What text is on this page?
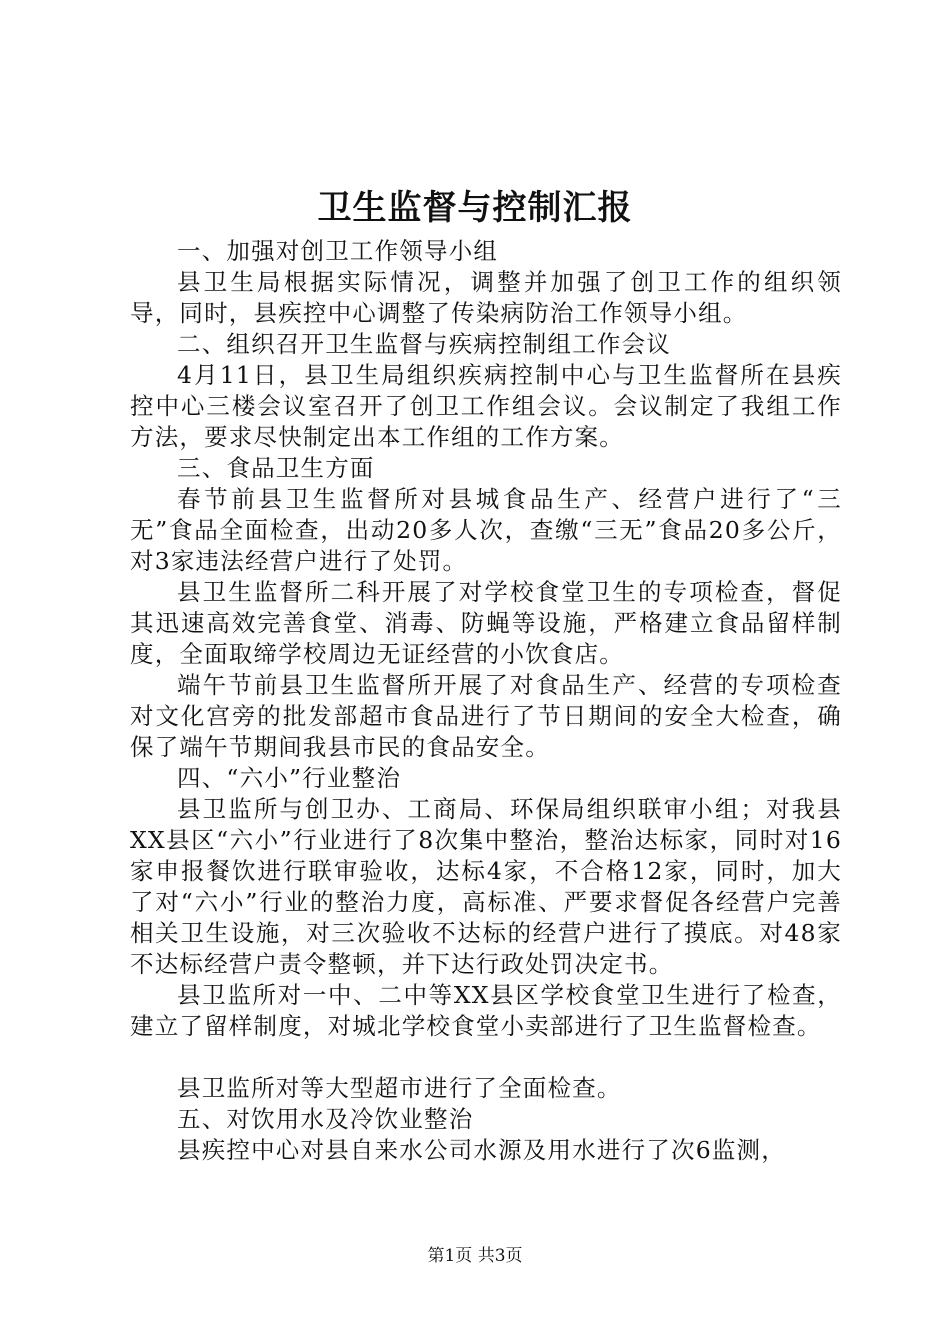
卫生监督与控制汇报

一、加强对创卫工作领导小组

县卫生局根据实际情况，调整并加强了创卫工作的组织领导，同时，县疾控中心调整了传染病防治工作领导小组。

二、组织召开卫生监督与疾病控制组工作会议

4月11日，县卫生局组织疾病控制中心与卫生监督所在县疾控中心三楼会议室召开了创卫工作组会议。会议制定了我组工作方法，要求尽快制定出本工作组的工作方案。

三、食品卫生方面

春节前县卫生监督所对县城食品生产、经营户进行了“三无”食品全面检查，出动20多人次，查缴“三无”食品20多公斤，对3家违法经营户进行了处罚。

县卫生监督所二科开展了对学校食堂卫生的专项检查，督促其迅速高效完善食堂、消毒、防蝇等设施，严格建立食品留样制度，全面取缔学校周边无证经营的小饮食店。

端午节前县卫生监督所开展了对食品生产、经营的专项检查对文化宫旁的批发部超市食品进行了节日期间的安全大检查，确保了端午节期间我县市民的食品安全。

四、“六小”行业整治

县卫监所与创卫办、工商局、环保局组织联审小组；对我县XX县区“六小”行业进行了8次集中整治，整治达标家，同时对16家申报餐饮进行联审验收，达标4家，不合格12家，同时，加大了对“六小”行业的整治力度，高标准、严要求督促各经营户完善相关卫生设施，对三次验收不达标的经营户进行了摸底。对48家不达标经营户责令整顿，并下达行政处罚决定书。

县卫监所对一中、二中等XX县区学校食堂卫生进行了检查，建立了留样制度，对城北学校食堂小卖部进行了卫生监督检查。

县卫监所对等大型超市进行了全面检查。

五、对饮用水及冷饮业整治

县疾控中心对县自来水公司水源及用水进行了次6监测，

第1页 共3页
